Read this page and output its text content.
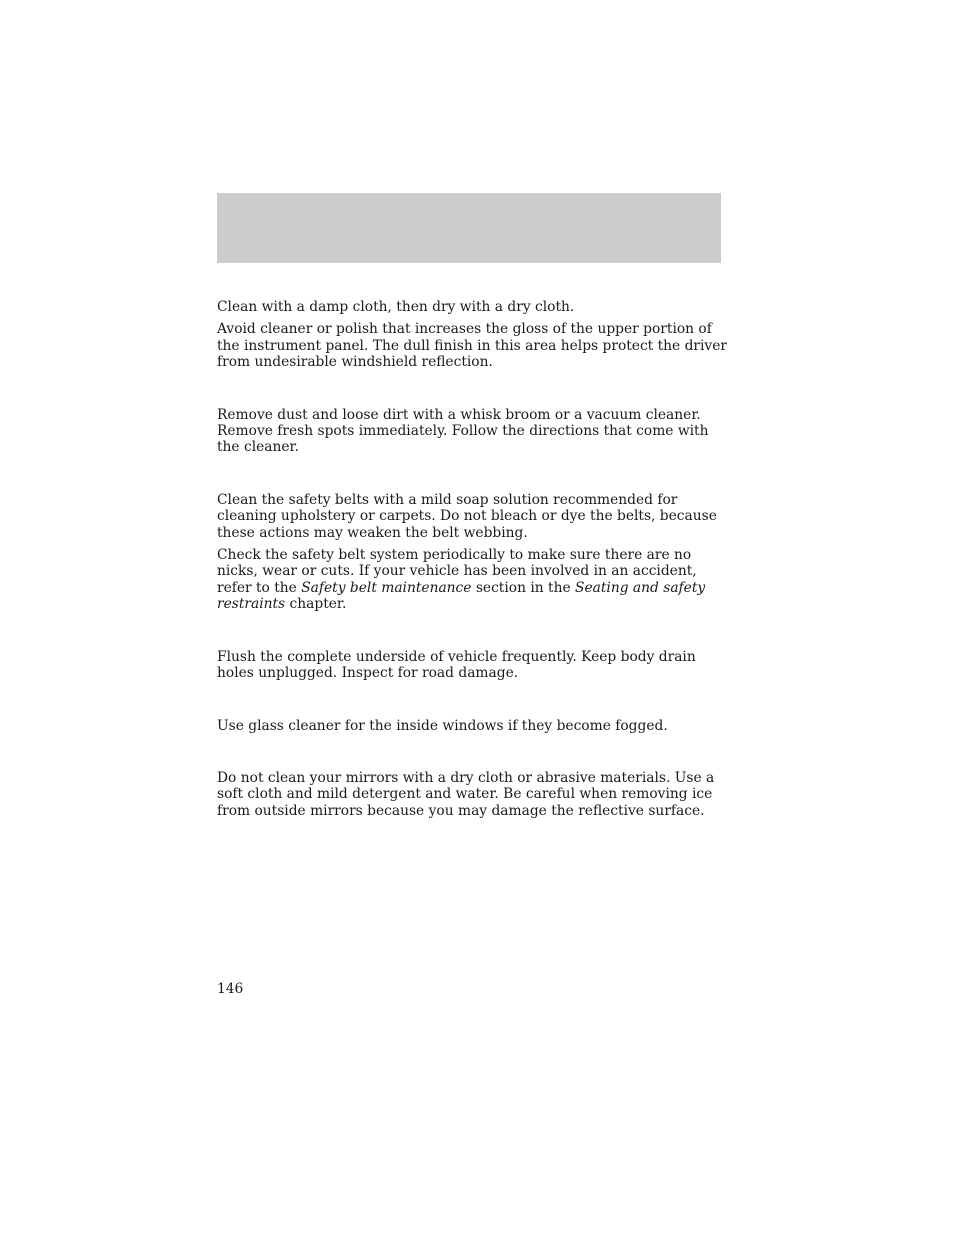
Clean with a damp cloth, then dry with a dry cloth.

Avoid cleaner or polish that increases the gloss of the upper portion of the instrument panel. The dull finish in this area helps protect the driver from undesirable windshield reflection.

Remove dust and loose dirt with a whisk broom or a vacuum cleaner. Remove fresh spots immediately. Follow the directions that come with the cleaner.

Clean the safety belts with a mild soap solution recommended for cleaning upholstery or carpets. Do not bleach or dye the belts, because these actions may weaken the belt webbing.

Check the safety belt system periodically to make sure there are no nicks, wear or cuts. If your vehicle has been involved in an accident, refer to the Safety belt maintenance section in the Seating and safety restraints chapter.

Flush the complete underside of vehicle frequently. Keep body drain holes unplugged. Inspect for road damage.

Use glass cleaner for the inside windows if they become fogged.

Do not clean your mirrors with a dry cloth or abrasive materials. Use a soft cloth and mild detergent and water. Be careful when removing ice from outside mirrors because you may damage the reflective surface.

146
